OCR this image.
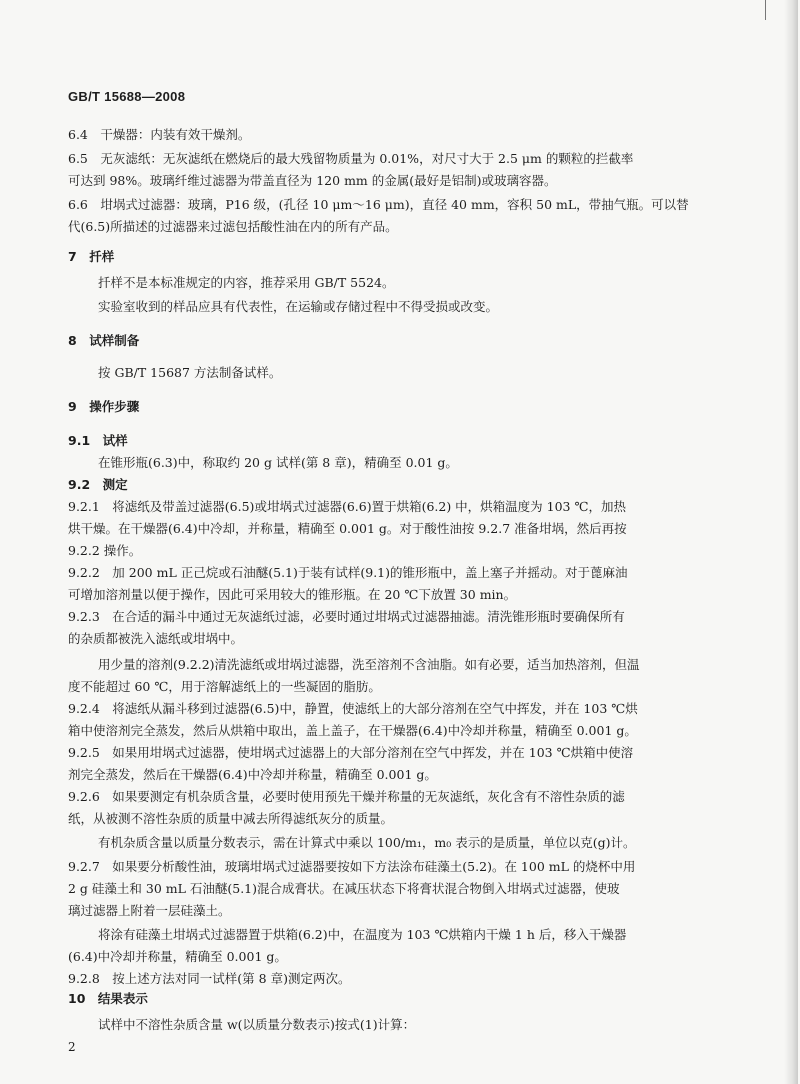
GB/T 15688—2008
6.4　干燥器：内装有效干燥剂。
6.5　无灰滤纸：无灰滤纸在燃烧后的最大残留物质量为 0.01%，对尺寸大于 2.5 μm 的颗粒的拦截率
可达到 98%。玻璃纤维过滤器为带盖直径为 120 mm 的金属(最好是铝制)或玻璃容器。
6.6　坩埚式过滤器：玻璃，P16 级，(孔径 10 μm～16 μm)，直径 40 mm，容积 50 mL，带抽气瓶。可以替
代(6.5)所描述的过滤器来过滤包括酸性油在内的所有产品。
7　扦样
扦样不是本标准规定的内容，推荐采用 GB/T 5524。
实验室收到的样品应具有代表性，在运输或存储过程中不得受损或改变。
8　试样制备
按 GB/T 15687 方法制备试样。
9　操作步骤
9.1　试样
在锥形瓶(6.3)中，称取约 20 g 试样(第 8 章)，精确至 0.01 g。
9.2　测定
9.2.1　将滤纸及带盖过滤器(6.5)或坩埚式过滤器(6.6)置于烘箱(6.2) 中，烘箱温度为 103 ℃，加热
烘干燥。在干燥器(6.4)中冷却，并称量，精确至 0.001 g。对于酸性油按 9.2.7 准备坩埚，然后再按
9.2.2 操作。
9.2.2　加 200 mL 正己烷或石油醚(5.1)于装有试样(9.1)的锥形瓶中，盖上塞子并摇动。对于蓖麻油
可增加溶剂量以便于操作，因此可采用较大的锥形瓶。在 20 ℃下放置 30 min。
9.2.3　在合适的漏斗中通过无灰滤纸过滤，必要时通过坩埚式过滤器抽滤。清洗锥形瓶时要确保所有
的杂质都被洗入滤纸或坩埚中。
用少量的溶剂(9.2.2)清洗滤纸或坩埚过滤器，洗至溶剂不含油脂。如有必要，适当加热溶剂，但温
度不能超过 60 ℃，用于溶解滤纸上的一些凝固的脂肪。
9.2.4　将滤纸从漏斗移到过滤器(6.5)中，静置，使滤纸上的大部分溶剂在空气中挥发，并在 103 ℃烘
箱中使溶剂完全蒸发，然后从烘箱中取出，盖上盖子，在干燥器(6.4)中冷却并称量，精确至 0.001 g。
9.2.5　如果用坩埚式过滤器，使坩埚式过滤器上的大部分溶剂在空气中挥发，并在 103 ℃烘箱中使溶
剂完全蒸发，然后在干燥器(6.4)中冷却并称量，精确至 0.001 g。
9.2.6　如果要测定有机杂质含量，必要时使用预先干燥并称量的无灰滤纸，灰化含有不溶性杂质的滤
纸，从被测不溶性杂质的质量中减去所得滤纸灰分的质量。
有机杂质含量以质量分数表示，需在计算式中乘以 100/m₁，m₀ 表示的是质量，单位以克(g)计。
9.2.7　如果要分析酸性油，玻璃坩埚式过滤器要按如下方法涂布硅藻土(5.2)。在 100 mL 的烧杯中用
2 g 硅藻土和 30 mL 石油醚(5.1)混合成膏状。在减压状态下将膏状混合物倒入坩埚式过滤器，使玻
璃过滤器上附着一层硅藻土。
将涂有硅藻土坩埚式过滤器置于烘箱(6.2)中，在温度为 103 ℃烘箱内干燥 1 h 后，移入干燥器
(6.4)中冷却并称量，精确至 0.001 g。
9.2.8　按上述方法对同一试样(第 8 章)测定两次。
10　结果表示
试样中不溶性杂质含量 w(以质量分数表示)按式(1)计算：
2
